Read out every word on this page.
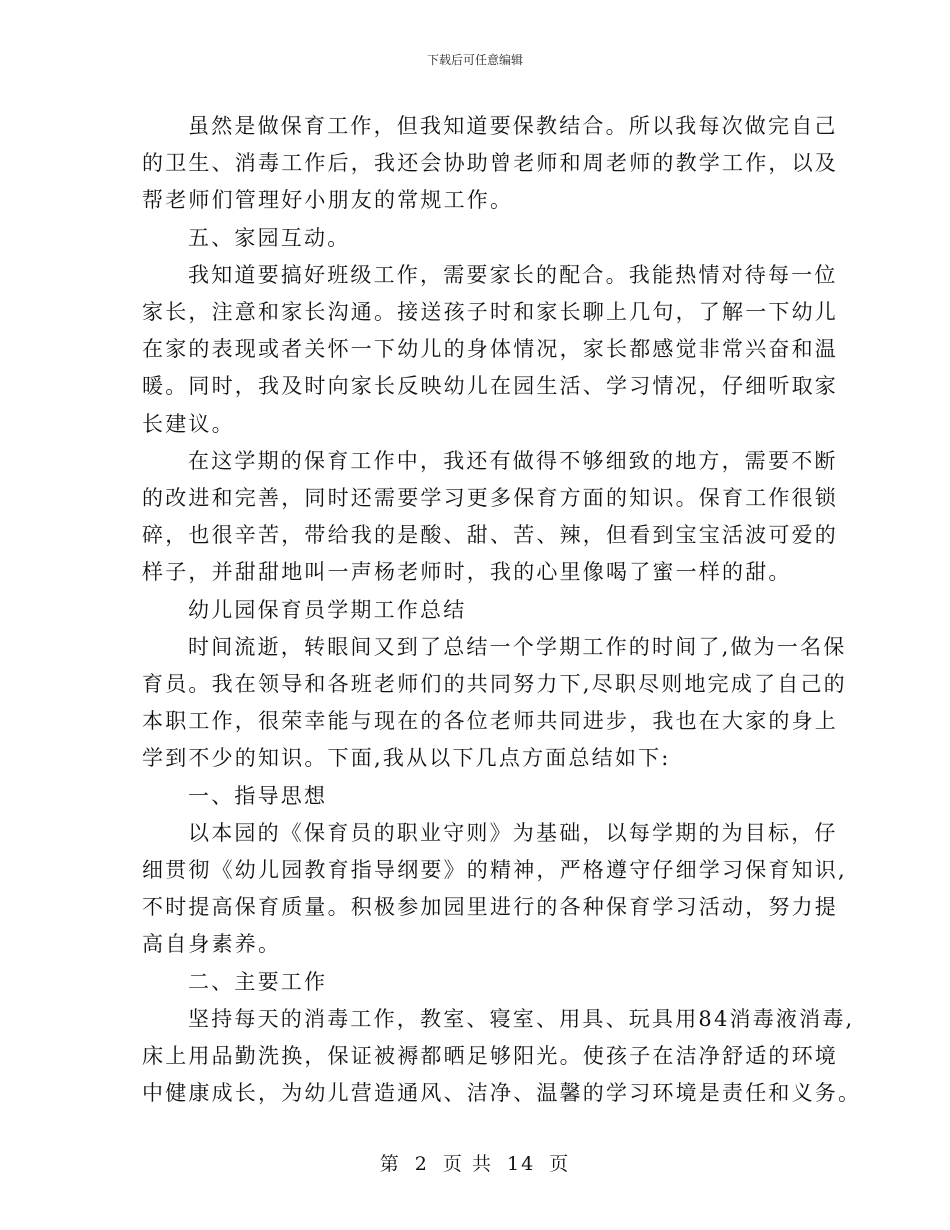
下载后可任意编辑

虽然是做保育工作，但我知道要保教结合。所以我每次做完自己
的卫生、消毒工作后，我还会协助曾老师和周老师的教学工作，以及
帮老师们管理好小朋友的常规工作。

五、家园互动。

我知道要搞好班级工作，需要家长的配合。我能热情对待每一位
家长，注意和家长沟通。接送孩子时和家长聊上几句，了解一下幼儿
在家的表现或者关怀一下幼儿的身体情况，家长都感觉非常兴奋和温
暖。同时，我及时向家长反映幼儿在园生活、学习情况，仔细听取家
长建议。

在这学期的保育工作中，我还有做得不够细致的地方，需要不断
的改进和完善，同时还需要学习更多保育方面的知识。保育工作很锁
碎，也很辛苦，带给我的是酸、甜、苦、辣，但看到宝宝活波可爱的
样子，并甜甜地叫一声杨老师时，我的心里像喝了蜜一样的甜。

幼儿园保育员学期工作总结

时间流逝，转眼间又到了总结一个学期工作的时间了,做为一名保
育员。我在领导和各班老师们的共同努力下,尽职尽则地完成了自己的
本职工作，很荣幸能与现在的各位老师共同进步，我也在大家的身上
学到不少的知识。下面,我从以下几点方面总结如下:

一、指导思想

以本园的《保育员的职业守则》为基础，以每学期的为目标，仔
细贯彻《幼儿园教育指导纲要》的精神，严格遵守仔细学习保育知识,
不时提高保育质量。积极参加园里进行的各种保育学习活动，努力提
高自身素养。

二、主要工作

坚持每天的消毒工作，教室、寝室、用具、玩具用84消毒液消毒,
床上用品勤洗换，保证被褥都晒足够阳光。使孩子在洁净舒适的环境
中健康成长，为幼儿营造通风、洁净、温馨的学习环境是责任和义务。

第 2 页 共 14 页
